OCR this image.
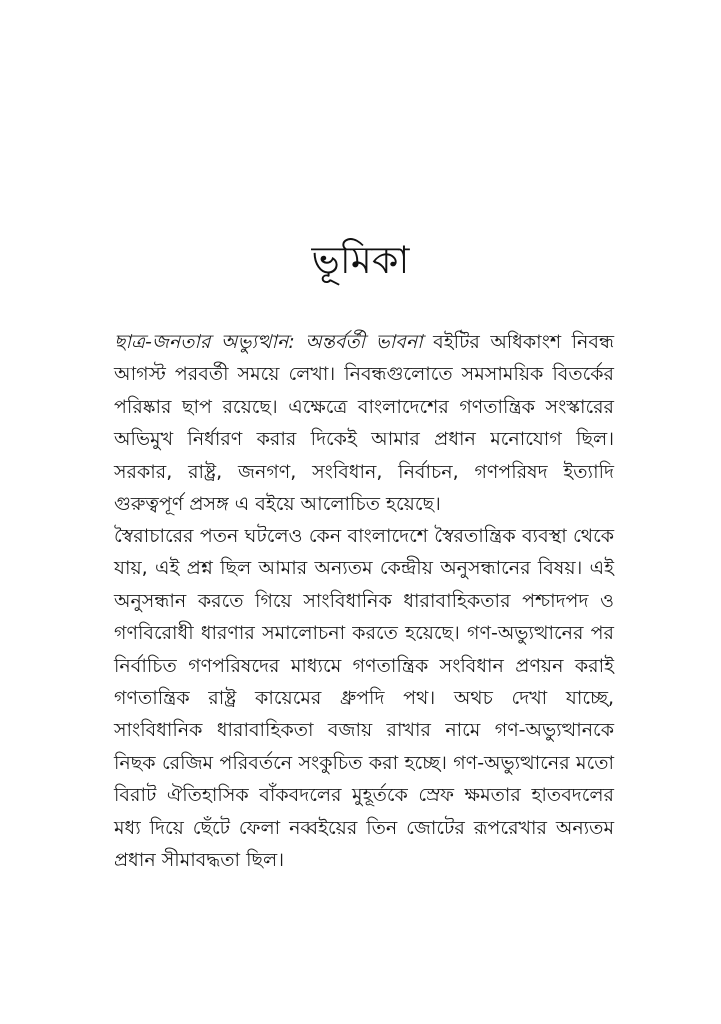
ভূমিকা

ছাত্র-জনতার অভ্যুত্থান: অন্তর্বর্তী ভাবনা বইটির অধিকাংশ নিবন্ধ আগস্ট পরবর্তী সময়ে লেখা। নিবন্ধগুলোতে সমসাময়িক বিতর্কের পরিষ্কার ছাপ রয়েছে। এক্ষেত্রে বাংলাদেশের গণতান্ত্রিক সংস্কারের অভিমুখ নির্ধারণ করার দিকেই আমার প্রধান মনোযোগ ছিল। সরকার, রাষ্ট্র, জনগণ, সংবিধান, নির্বাচন, গণপরিষদ ইত্যাদি গুরুত্বপূর্ণ প্রসঙ্গ এ বইয়ে আলোচিত হয়েছে।

স্বৈরাচারের পতন ঘটলেও কেন বাংলাদেশে স্বৈরতান্ত্রিক ব্যবস্থা থেকে যায়, এই প্রশ্ন ছিল আমার অন্যতম কেন্দ্রীয় অনুসন্ধানের বিষয়। এই অনুসন্ধান করতে গিয়ে সাংবিধানিক ধারাবাহিকতার পশ্চাদপদ ও গণবিরোধী ধারণার সমালোচনা করতে হয়েছে। গণ-অভ্যুত্থানের পর নির্বাচিত গণপরিষদের মাধ্যমে গণতান্ত্রিক সংবিধান প্রণয়ন করাই গণতান্ত্রিক রাষ্ট্র কায়েমের ধ্রুপদি পথ। অথচ দেখা যাচ্ছে, সাংবিধানিক ধারাবাহিকতা বজায় রাখার নামে গণ-অভ্যুত্থানকে নিছক রেজিম পরিবর্তনে সংকুচিত করা হচ্ছে। গণ-অভ্যুত্থানের মতো বিরাট ঐতিহাসিক বাঁকবদলের মুহূর্তকে স্রেফ ক্ষমতার হাতবদলের মধ্য দিয়ে ছেঁটে ফেলা নব্বইয়ের তিন জোটের রূপরেখার অন্যতম প্রধান সীমাবদ্ধতা ছিল।
